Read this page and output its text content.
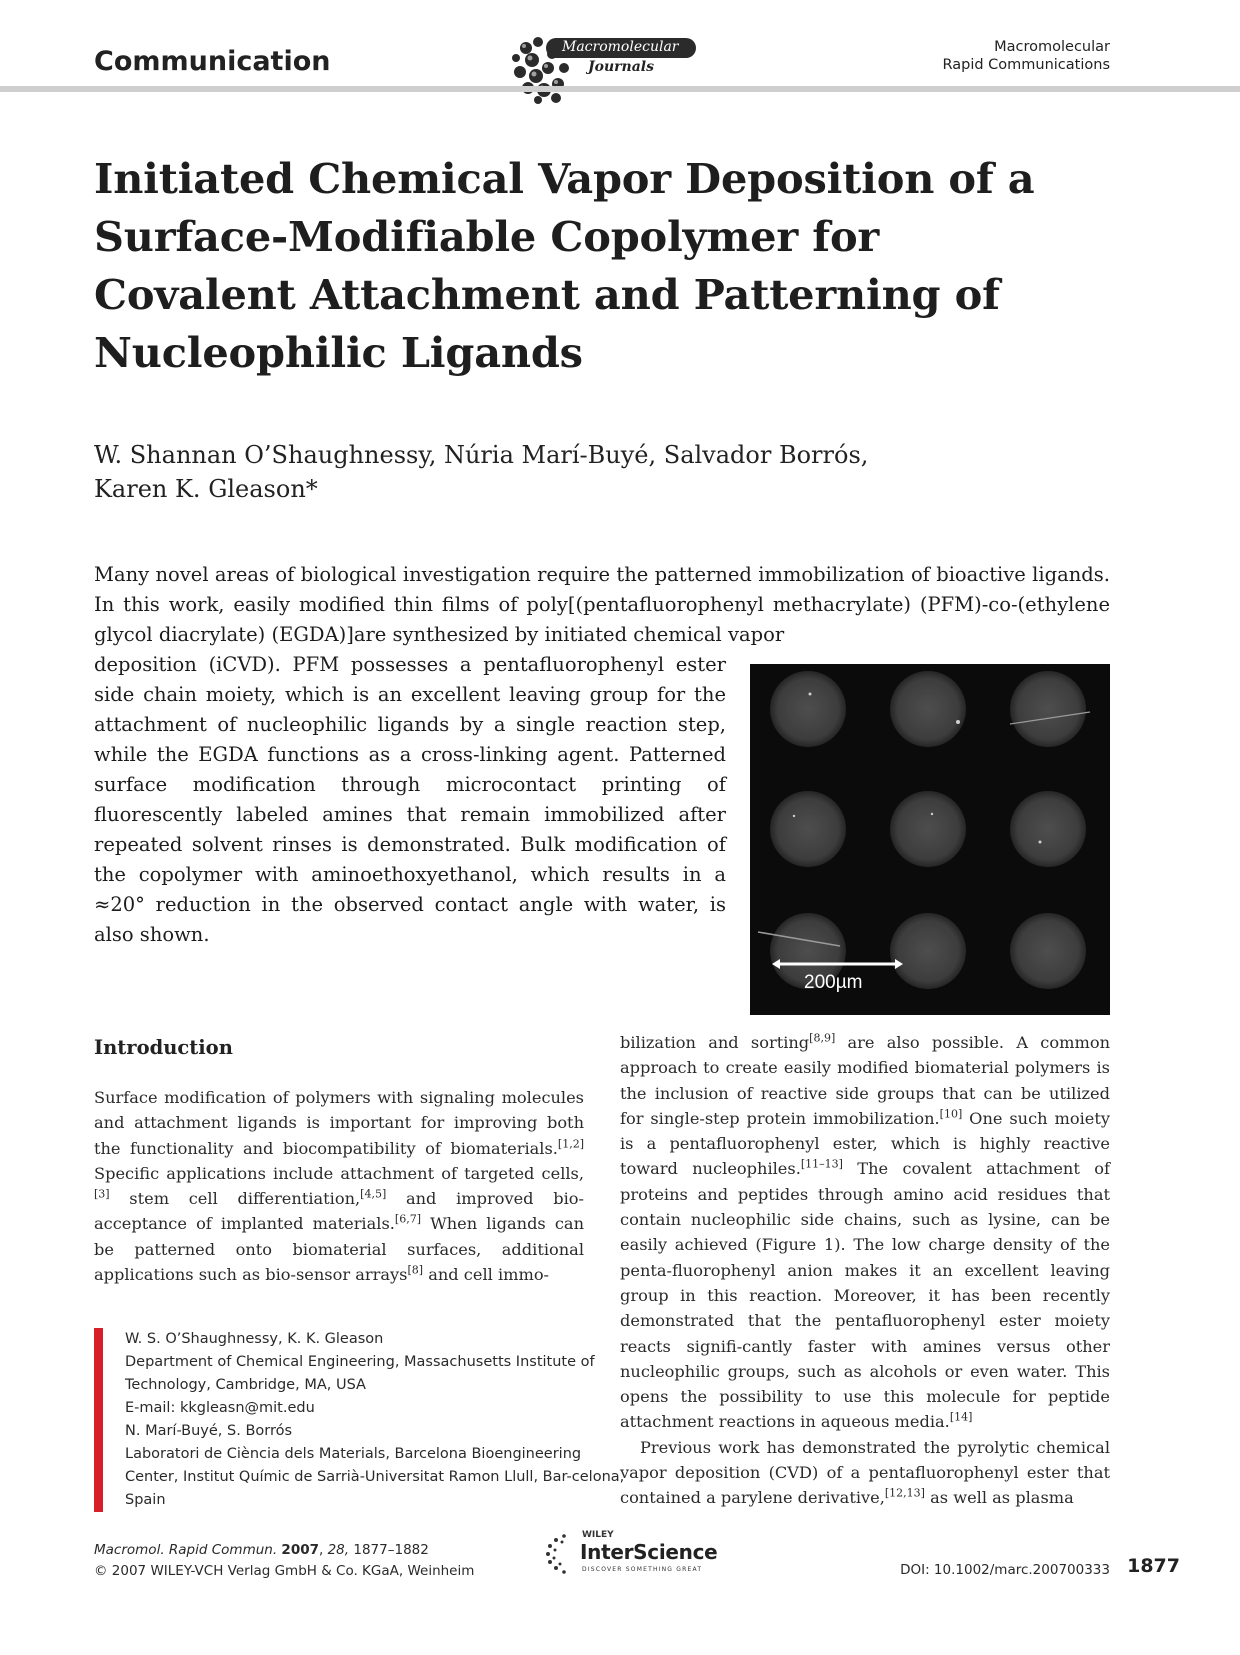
Communication	Macromolecular
Journals
Macromolecular
Rapid Communications
Initiated Chemical Vapor Deposition of a Surface-Modifiable Copolymer for Covalent Attachment and Patterning of Nucleophilic Ligands
W. Shannan O’Shaughnessy, Núria Marí-Buyé, Salvador Borrós,
Karen K. Gleason*
Many novel areas of biological investigation require the patterned immobilization of bioactive ligands. In this work, easily modified thin films of poly[(pentafluorophenyl methacrylate) (PFM)-co-(ethylene glycol diacrylate) (EGDA)]are synthesized by initiated chemical vapor
deposition (iCVD). PFM possesses a pentafluorophenyl ester side chain moiety, which is an excellent leaving group for the attachment of nucleophilic ligands by a single reaction step, while the EGDA functions as a cross-linking agent. Patterned surface modification through microcontact printing of fluorescently labeled amines that remain immobilized after repeated solvent rinses is demonstrated. Bulk modification of the copolymer with aminoethoxyethanol, which results in a ≈20° reduction in the observed contact angle with water, is also shown.
200µm
Introduction

Surface modification of polymers with signaling molecules and attachment ligands is important for improving both the functionality and biocompatibility of biomaterials.[1,2] Specific applications include attachment of targeted cells,[3] stem cell differentiation,[4,5] and improved bio-acceptance of implanted materials.[6,7] When ligands can be patterned onto biomaterial surfaces, additional applications such as bio-sensor arrays[8] and cell immo-

bilization and sorting[8,9] are also possible. A common approach to create easily modified biomaterial polymers is the inclusion of reactive side groups that can be utilized for single-step protein immobilization.[10] One such moiety is a pentafluorophenyl ester, which is highly reactive toward nucleophiles.[11–13] The covalent attachment of proteins and peptides through amino acid residues that contain nucleophilic side chains, such as lysine, can be easily achieved (Figure 1). The low charge density of the penta-fluorophenyl anion makes it an excellent leaving group in this reaction. Moreover, it has been recently demonstrated that the pentafluorophenyl ester moiety reacts signifi-cantly faster with amines versus other nucleophilic groups, such as alcohols or even water. This opens the possibility to use this molecule for peptide attachment reactions in aqueous media.[14]

Previous work has demonstrated the pyrolytic chemical vapor deposition (CVD) of a pentafluorophenyl ester that contained a parylene derivative,[12,13] as well as plasma

W. S. O’Shaughnessy, K. K. Gleason
Department of Chemical Engineering, Massachusetts Institute of Technology, Cambridge, MA, USA
E-mail: kkgleasn@mit.edu
N. Marí-Buyé, S. Borrós
Laboratori de Ciència dels Materials, Barcelona Bioengineering Center, Institut Químic de Sarrià-Universitat Ramon Llull, Bar-celona, Spain
Macromol. Rapid Commun. 2007, 28, 1877–1882
© 2007 WILEY-VCH Verlag GmbH & Co. KGaA, Weinheim
WILEY
InterScience
DISCOVER SOMETHING GREAT	DOI: 10.1002/marc.200700333 1877
